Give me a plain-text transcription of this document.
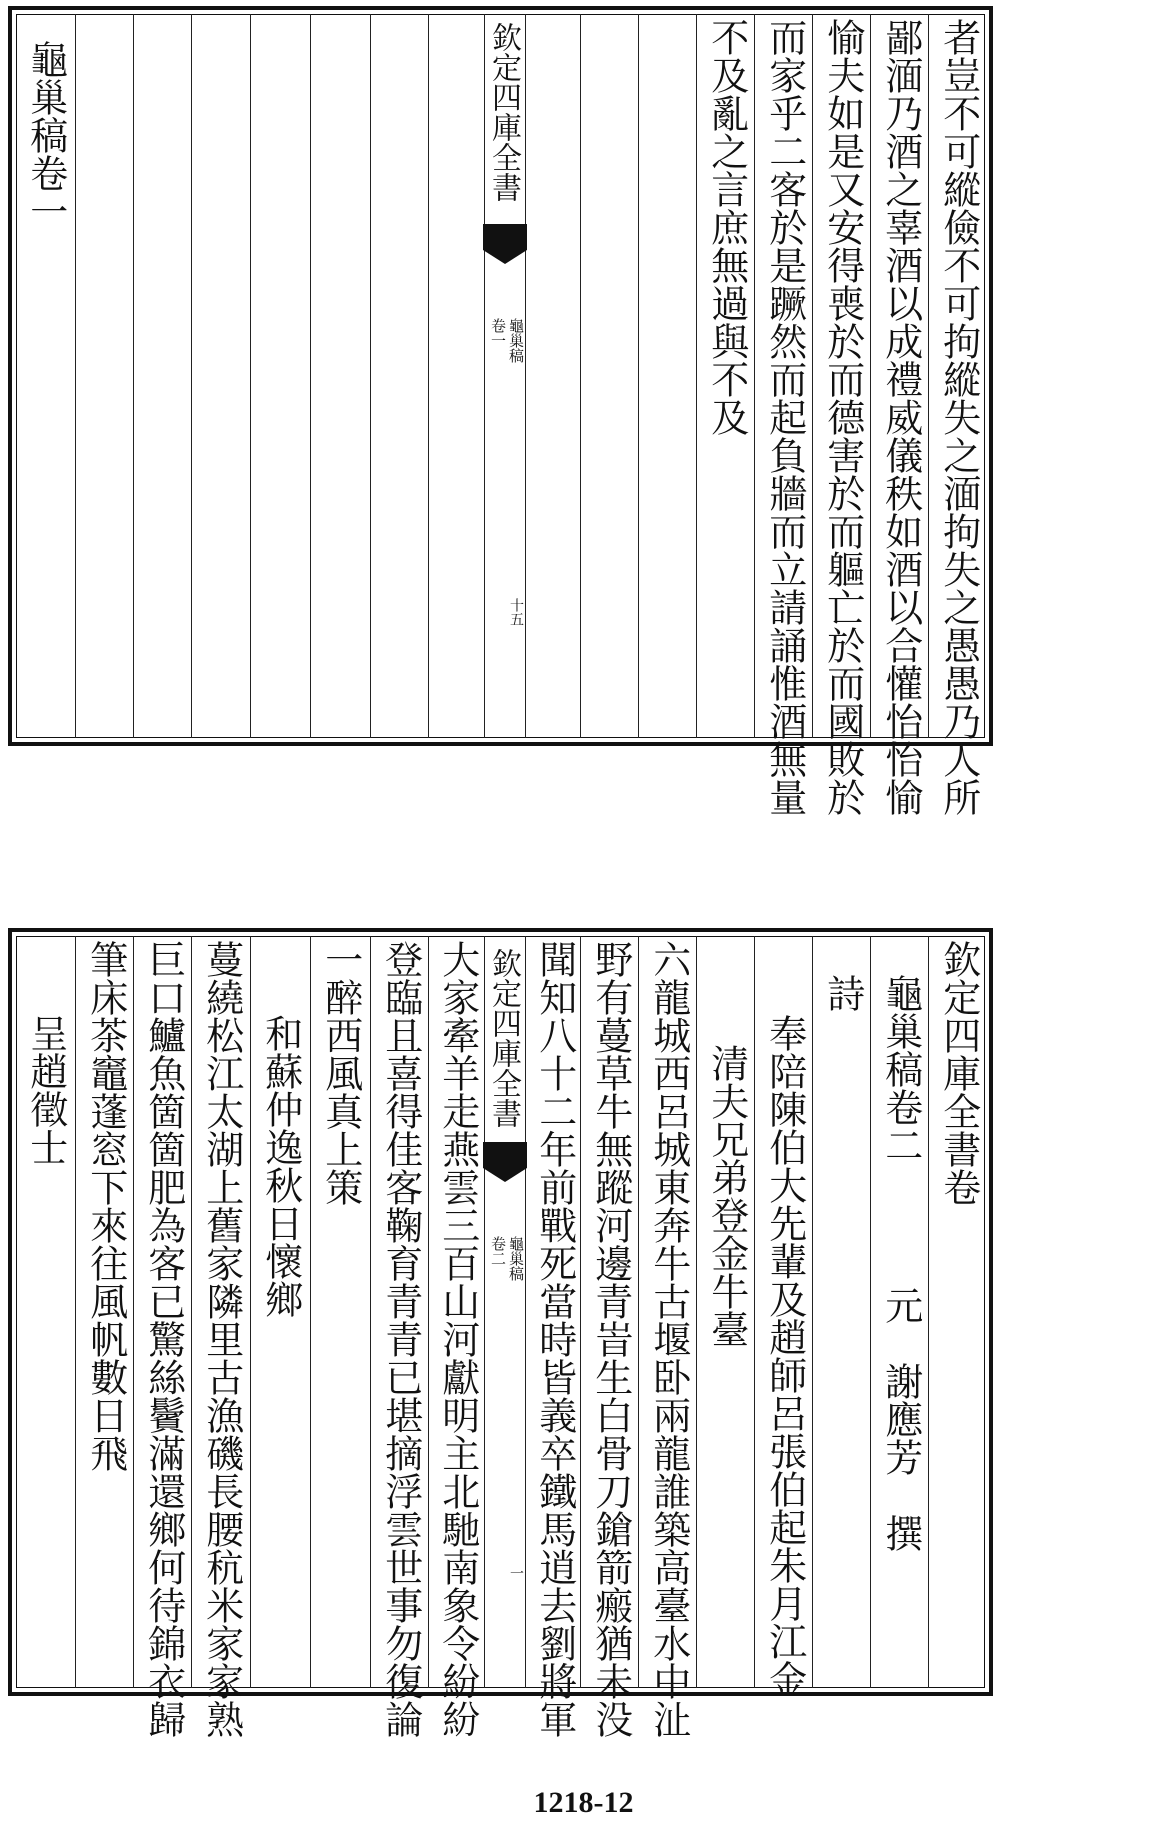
欽定四庫全書
龜巢稿
卷一
十五	者豈不可縱儉不可拘縱失之湎拘失之愚愚乃人所
鄙湎乃酒之辜酒以成禮威儀秩如酒以合懽怡怡愉
愉夫如是又安得喪於而德害於而軀亡於而國敗於
而家乎二客於是蹶然而起負牆而立請誦惟酒無量
不及亂之言庶無過與不及
龜巢稿卷一
欽定四庫全書
龜巢稿
卷二
一
欽定四庫全書卷
龜巢稿卷二
元　謝應芳　撰
詩
奉陪陳伯大先輩及趙師呂張伯起朱月江金
清夫兄弟登金牛臺
六龍城西呂城東奔牛古堰卧兩龍誰築高臺水中沚
野有蔓草牛無蹤河邊青峕生白骨刀鎗箭瘢猶未没
聞知八十二年前戰死當時皆義卒鐵馬逍去劉將軍
大家牽羊走燕雲三百山河獻明主北馳南象令紛紛
登臨且喜得佳客鞠育青青已堪摘浮雲世事勿復論
一醉西風真上策
和蘇仲逸秋日懷鄉
蔓繞松江太湖上舊家隣里古漁磯長腰秔米家家熟
巨口鱸魚箇箇肥為客已驚絲鬢滿還鄉何待錦衣歸
筆床茶竈蓬窓下來往風帆數日飛
呈趙徵士
1218-12
